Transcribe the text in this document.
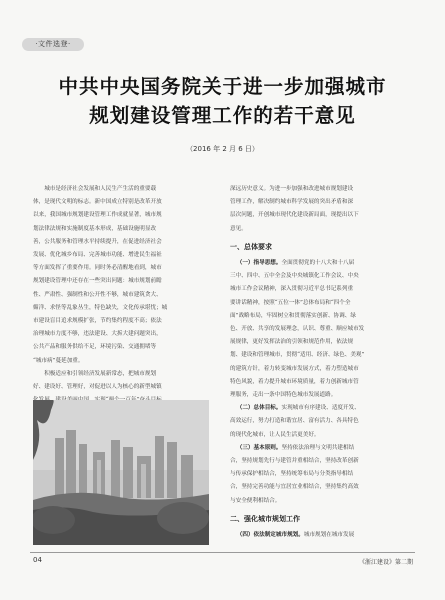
·文件选登·
中共中央国务院关于进一步加强城市
规划建设管理工作的若干意见
（2016 年 2 月 6 日）
城市是经济社会发展和人民生产生活的重要载
体，是现代文明的标志。新中国成立特别是改革开放
以来，我国城市规划建设管理工作成就显著，城市规
划法律法规和实施制度基本形成，基础设施明显改
善，公共服务和管理水平持续提升，在促进经济社会
发展、优化城乡布局、完善城市功能、增进民生福祉
等方面发挥了重要作用。同时务必清醒地看到，城市
规划建设管理中还存在一些突出问题：城市规划前瞻
性、严肃性、强制性和公开性不够，城市建筑贪大、
媚洋、求怪等乱象丛生，特色缺失，文化传承堪忧；城
市建设盲目追求规模扩张，节约集约程度不高；依法
治理城市力度不够，违法建设、大拆大建问题突出，
公共产品和服务供给不足，环境污染、交通拥堵等
“城市病”蔓延加重。
积极适应和引领经济发展新常态，把城市规划
好、建设好、管理好，对促进以人为核心的新型城镇
深远历史意义。为进一步加强和改进城市规划建设
管理工作，解决制约城市科学发展的突出矛盾和深
层次问题，开创城市现代化建设新局面，现提出以下
意见。
一、总体要求
（一）指导思想。全面贯彻党的十八大和十八届
三中、四中、五中全会及中央城镇化工作会议、中央
城市工作会议精神，深入贯彻习近平总书记系列重
要讲话精神，按照“五位一体”总体布局和“四个全
面”战略布局，牢固树立和贯彻落实创新、协调、绿
色、开放、共享的发展理念，认识、尊重、顺应城市发
展规律，更好发挥法治的引领和规范作用，依法规
划、建设和管理城市，贯彻“适用、经济、绿色、美观”
的建筑方针，着力转变城市发展方式，着力塑造城市
特色风貌，着力提升城市环境质量，着力创新城市管
理服务，走出一条中国特色城市发展道路。
（二）总体目标。实现城市有序建设、适度开发、
高效运行，努力打造和谐宜居、富有活力、各具特色
的现代化城市，让人民生活更美好。
（三）基本原则。坚持依法治理与文明共建相结
合，坚持规划先行与建管并重相结合，坚持改革创新
与传承保护相结合，坚持统筹布局与分类指导相结
合，坚持完善功能与宜居宜业相结合，坚持集约高效
与安全便利相结合。
二、强化城市规划工作
（四）依法制定城市规划。城市规划在城市发展
04	《浙江建设》第二期
